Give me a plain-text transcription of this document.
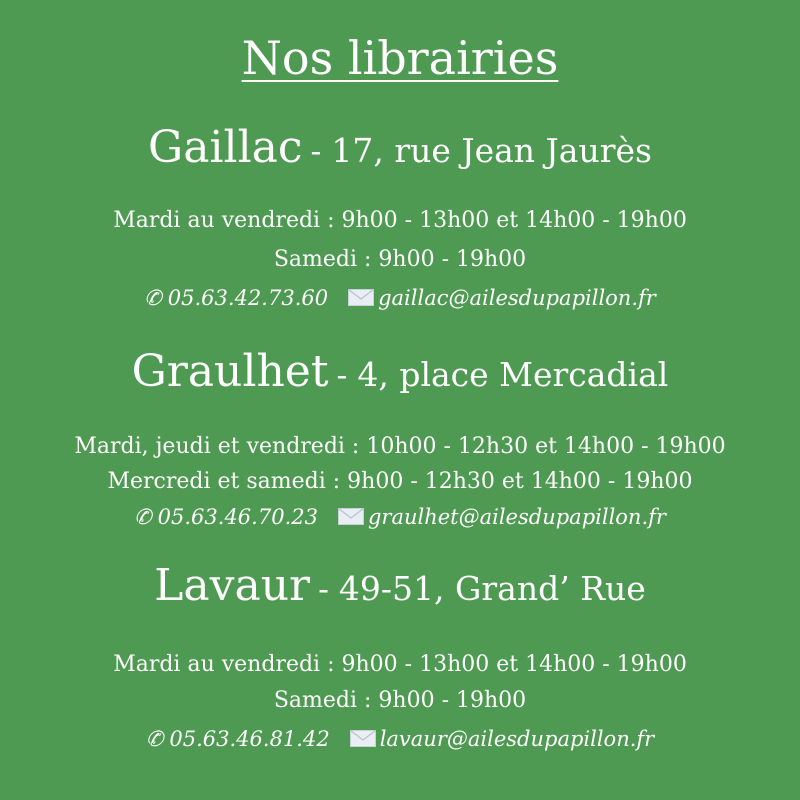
Nos librairies
Gaillac - 17, rue Jean Jaurès
Mardi au vendredi : 9h00 - 13h00 et 14h00 - 19h00
Samedi : 9h00 - 19h00
✆ 05.63.42.73.60 gaillac@ailesdupapillon.fr
Graulhet - 4, place Mercadial
Mardi, jeudi et vendredi : 10h00 - 12h30 et 14h00 - 19h00
Mercredi et samedi : 9h00 - 12h30 et 14h00 - 19h00
✆ 05.63.46.70.23 graulhet@ailesdupapillon.fr
Lavaur - 49-51, Grand’ Rue
Mardi au vendredi : 9h00 - 13h00 et 14h00 - 19h00
Samedi : 9h00 - 19h00
✆ 05.63.46.81.42 lavaur@ailesdupapillon.fr
